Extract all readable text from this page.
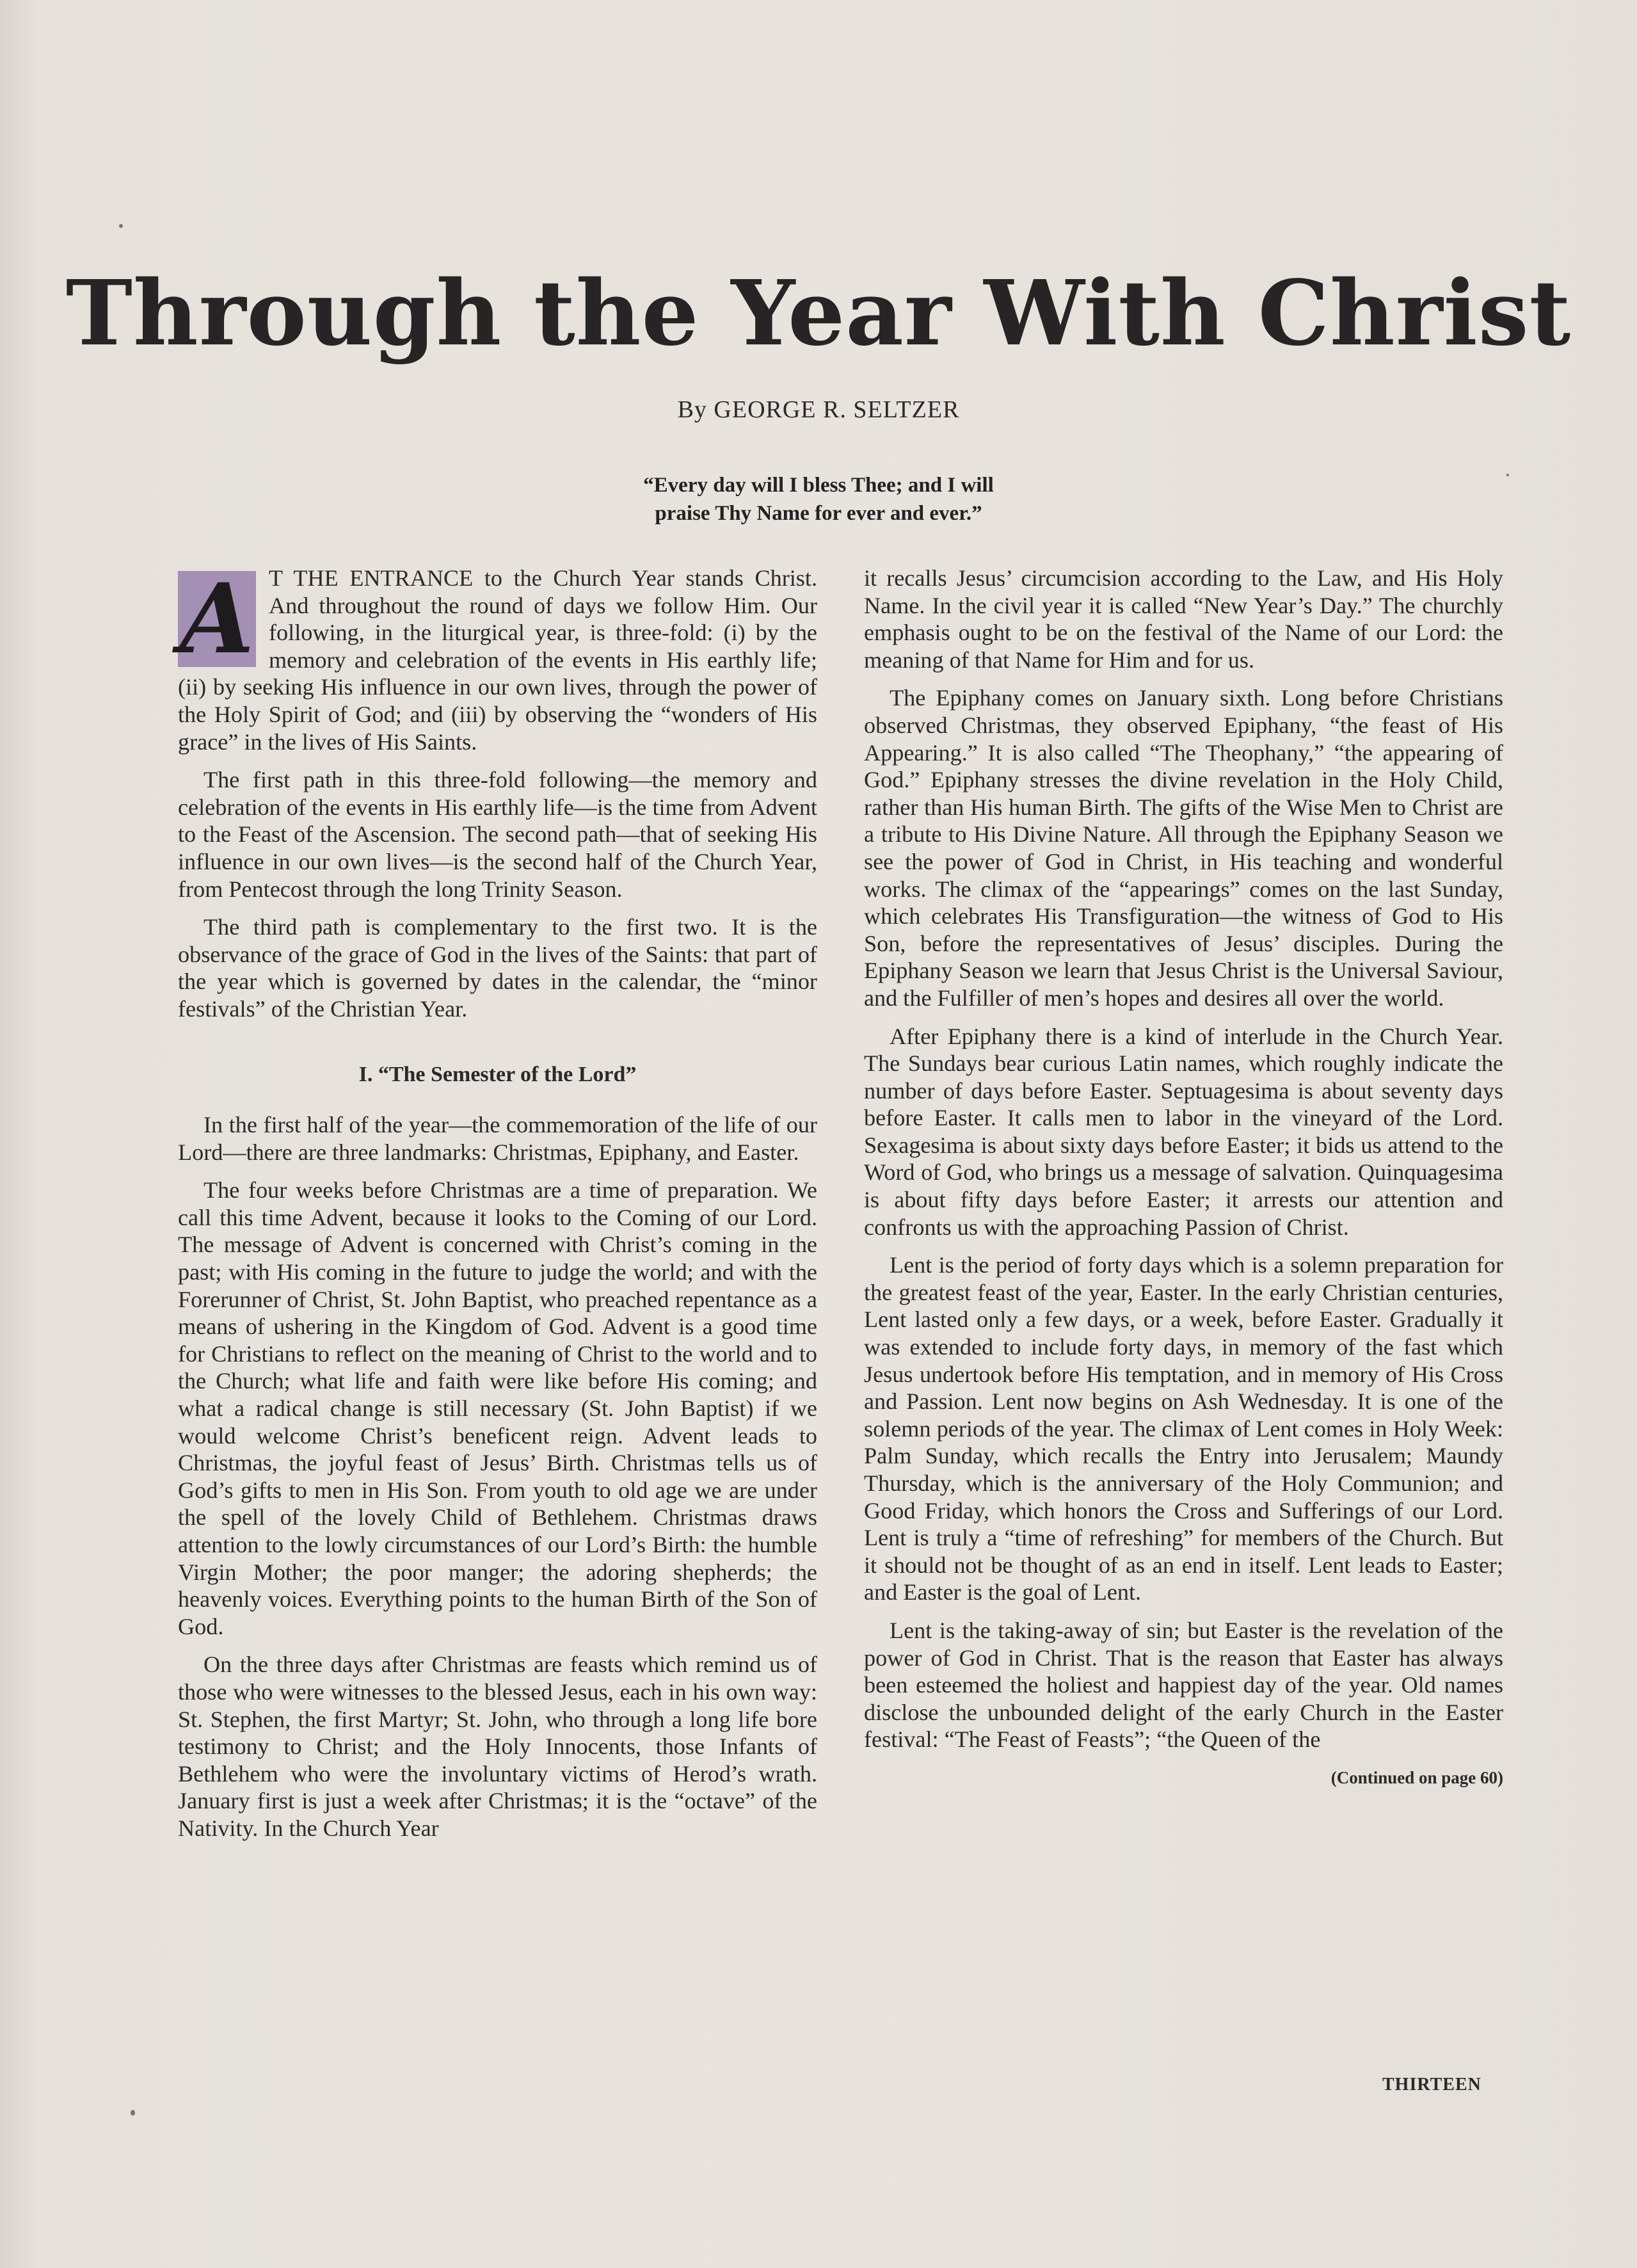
Through the Year With Christ
By GEORGE R. SELTZER
“Every day will I bless Thee; and I will
praise Thy Name for ever and ever.”
A T THE ENTRANCE to the Church Year stands Christ. And throughout the round of days we follow Him. Our following, in the liturgical year, is three-fold: (i) by the memory and celebration of the events in His earthly life; (ii) by seeking His influence in our own lives, through the power of the Holy Spirit of God; and (iii) by observing the “wonders of His grace” in the lives of His Saints.

The first path in this three-fold following—the memory and celebration of the events in His earthly life—is the time from Advent to the Feast of the Ascension. The second path—that of seeking His influence in our own lives—is the second half of the Church Year, from Pentecost through the long Trinity Season.

The third path is complementary to the first two. It is the observance of the grace of God in the lives of the Saints: that part of the year which is governed by dates in the calendar, the “minor festivals” of the Christian Year.

I. “The Semester of the Lord”

In the first half of the year—the commemoration of the life of our Lord—there are three landmarks: Christmas, Epiphany, and Easter.

The four weeks before Christmas are a time of preparation. We call this time Advent, because it looks to the Coming of our Lord. The message of Advent is concerned with Christ’s coming in the past; with His coming in the future to judge the world; and with the Forerunner of Christ, St. John Baptist, who preached repentance as a means of ushering in the Kingdom of God. Advent is a good time for Christians to reflect on the meaning of Christ to the world and to the Church; what life and faith were like before His coming; and what a radical change is still necessary (St. John Baptist) if we would welcome Christ’s beneficent reign. Advent leads to Christmas, the joyful feast of Jesus’ Birth. Christmas tells us of God’s gifts to men in His Son. From youth to old age we are under the spell of the lovely Child of Bethlehem. Christmas draws attention to the lowly circumstances of our Lord’s Birth: the humble Virgin Mother; the poor manger; the adoring shepherds; the heavenly voices. Everything points to the human Birth of the Son of God.

On the three days after Christmas are feasts which remind us of those who were witnesses to the blessed Jesus, each in his own way: St. Stephen, the first Martyr; St. John, who through a long life bore testimony to Christ; and the Holy Innocents, those Infants of Bethlehem who were the involuntary victims of Herod’s wrath. January first is just a week after Christmas; it is the “octave” of the Nativity. In the Church Year

it recalls Jesus’ circumcision according to the Law, and His Holy Name. In the civil year it is called “New Year’s Day.” The churchly emphasis ought to be on the festival of the Name of our Lord: the meaning of that Name for Him and for us.

The Epiphany comes on January sixth. Long before Christians observed Christmas, they observed Epiphany, “the feast of His Appearing.” It is also called “The Theophany,” “the appearing of God.” Epiphany stresses the divine revelation in the Holy Child, rather than His human Birth. The gifts of the Wise Men to Christ are a tribute to His Divine Nature. All through the Epiphany Season we see the power of God in Christ, in His teaching and wonderful works. The climax of the “appearings” comes on the last Sunday, which celebrates His Transfiguration—the witness of God to His Son, before the representatives of Jesus’ disciples. During the Epiphany Season we learn that Jesus Christ is the Universal Saviour, and the Fulfiller of men’s hopes and desires all over the world.

After Epiphany there is a kind of interlude in the Church Year. The Sundays bear curious Latin names, which roughly indicate the number of days before Easter. Septuagesima is about seventy days before Easter. It calls men to labor in the vineyard of the Lord. Sexagesima is about sixty days before Easter; it bids us attend to the Word of God, who brings us a message of salvation. Quinquagesima is about fifty days before Easter; it arrests our attention and confronts us with the approaching Passion of Christ.

Lent is the period of forty days which is a solemn preparation for the greatest feast of the year, Easter. In the early Christian centuries, Lent lasted only a few days, or a week, before Easter. Gradually it was extended to include forty days, in memory of the fast which Jesus undertook before His temptation, and in memory of His Cross and Passion. Lent now begins on Ash Wednesday. It is one of the solemn periods of the year. The climax of Lent comes in Holy Week: Palm Sunday, which recalls the Entry into Jerusalem; Maundy Thursday, which is the anniversary of the Holy Communion; and Good Friday, which honors the Cross and Sufferings of our Lord. Lent is truly a “time of refreshing” for members of the Church. But it should not be thought of as an end in itself. Lent leads to Easter; and Easter is the goal of Lent.

Lent is the taking-away of sin; but Easter is the revelation of the power of God in Christ. That is the reason that Easter has always been esteemed the holiest and happiest day of the year. Old names disclose the unbounded delight of the early Church in the Easter festival: “The Feast of Feasts”; “the Queen of the

(Continued on page 60)
THIRTEEN
